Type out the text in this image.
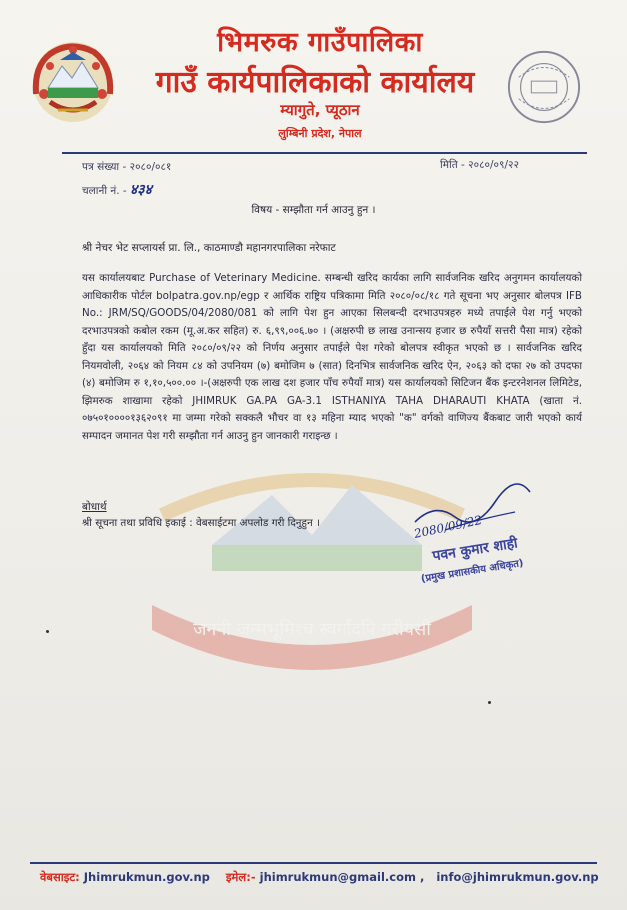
भिमरुक गाउँपालिका
गाउँ कार्यपालिकाको कार्यालय
म्यागुते, प्यूठान
लुम्बिनी प्रदेश, नेपाल
पत्र संख्या - २०८०/०८१
चलानी नं. - ४३४
मिति - २०८०/०९/२२
विषय - सम्झौता गर्न आउनु हुन ।
श्री नेचर भेट सप्लायर्स प्रा. लि., काठमाण्डौ महानगरपालिका नरेफाट
जननी जन्मभूमिश्च स्वर्गादपि गरीयसी

यस कार्यालयबाट Purchase of Veterinary Medicine. सम्बन्धी खरिद कार्यका लागि सार्वजनिक खरिद अनुगमन कार्यालयको आधिकारीक पोर्टल bolpatra.gov.np/egp र आर्थिक राष्ट्रिय पत्रिकामा मिति २०८०/०८/१८ गते सूचना भए अनुसार बोलपत्र IFB No.: JRM/SQ/GOODS/04/2080/081 को लागि पेश हुन आएका सिलबन्दी दरभाउपत्रहरु मध्ये तपाईले पेश गर्नु भएको दरभाउपत्रको कबोल रकम (मू.अ.कर सहित) रु. ६,९९,००६.७० । (अक्षरुपी छ लाख उनान्सय हजार छ रुपैयाँ सत्तरी पैसा मात्र) रहेको हुँदा यस कार्यालयको मिति २०८०/०९/२२ को निर्णय अनुसार तपाईले पेश गरेको बोलपत्र स्वीकृत भएको छ । सार्वजनिक खरिद नियमवोली, २०६४ को नियम ८४ को उपनियम (७) बमोजिम ७ (सात) दिनभित्र सार्वजनिक खरिद ऐन, २०६३ को दफा २७ को उपदफा (४) बमोजिम रु १,१०,५००.०० ।-(अक्षरुपी एक लाख दश हजार पाँच रुपैयाँ मात्र) यस कार्यालयको सिटिजन बैंक इन्टरनेशनल लिमिटेड, झिमरुक शाखामा रहेको JHIMRUK GA.PA GA-3.1 ISTHANIYA TAHA DHARAUTI KHATA (खाता नं. ०७५०१००००१३६२०९१ मा जम्मा गरेको सक्कलै भौचर वा १३ महिना म्याद भएको "क" वर्गको वाणिज्य बैंकबाट जारी भएको कार्य सम्पादन जमानत पेश गरी सम्झौता गर्न आउनु हुन जानकारी गराइन्छ ।

बोधार्थ
श्री सूचना तथा प्रविधि इकाई : वेबसाईटमा अपलोड गरी दिनुहुन ।	2080/09/22
पवन कुमार शाही
(प्रमुख प्रशासकीय अधिकृत)
वेबसाइट: Jhimrukmun.gov.np इमेल:- jhimrukmun@gmail.com , info@jhimrukmun.gov.np
